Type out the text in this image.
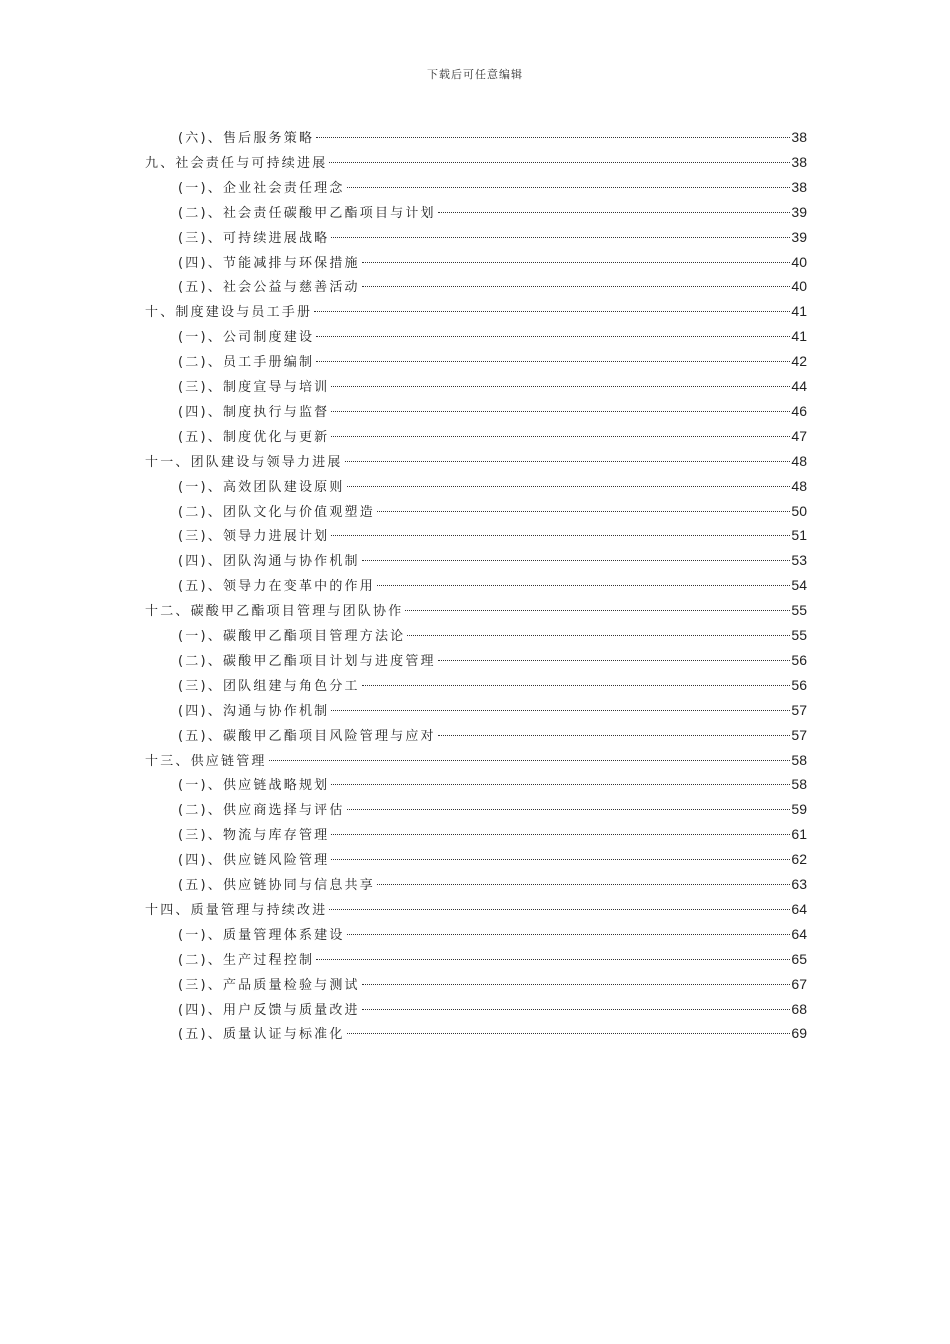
下载后可任意编辑
(六)、售后服务策略	38
九、社会责任与可持续进展	38
(一)、企业社会责任理念	38
(二)、社会责任碳酸甲乙酯项目与计划	39
(三)、可持续进展战略	39
(四)、节能减排与环保措施	40
(五)、社会公益与慈善活动	40
十、制度建设与员工手册	41
(一)、公司制度建设	41
(二)、员工手册编制	42
(三)、制度宣导与培训	44
(四)、制度执行与监督	46
(五)、制度优化与更新	47
十一、团队建设与领导力进展	48
(一)、高效团队建设原则	48
(二)、团队文化与价值观塑造	50
(三)、领导力进展计划	51
(四)、团队沟通与协作机制	53
(五)、领导力在变革中的作用	54
十二、碳酸甲乙酯项目管理与团队协作	55
(一)、碳酸甲乙酯项目管理方法论	55
(二)、碳酸甲乙酯项目计划与进度管理	56
(三)、团队组建与角色分工	56
(四)、沟通与协作机制	57
(五)、碳酸甲乙酯项目风险管理与应对	57
十三、供应链管理	58
(一)、供应链战略规划	58
(二)、供应商选择与评估	59
(三)、物流与库存管理	61
(四)、供应链风险管理	62
(五)、供应链协同与信息共享	63
十四、质量管理与持续改进	64
(一)、质量管理体系建设	64
(二)、生产过程控制	65
(三)、产品质量检验与测试	67
(四)、用户反馈与质量改进	68
(五)、质量认证与标准化	69
